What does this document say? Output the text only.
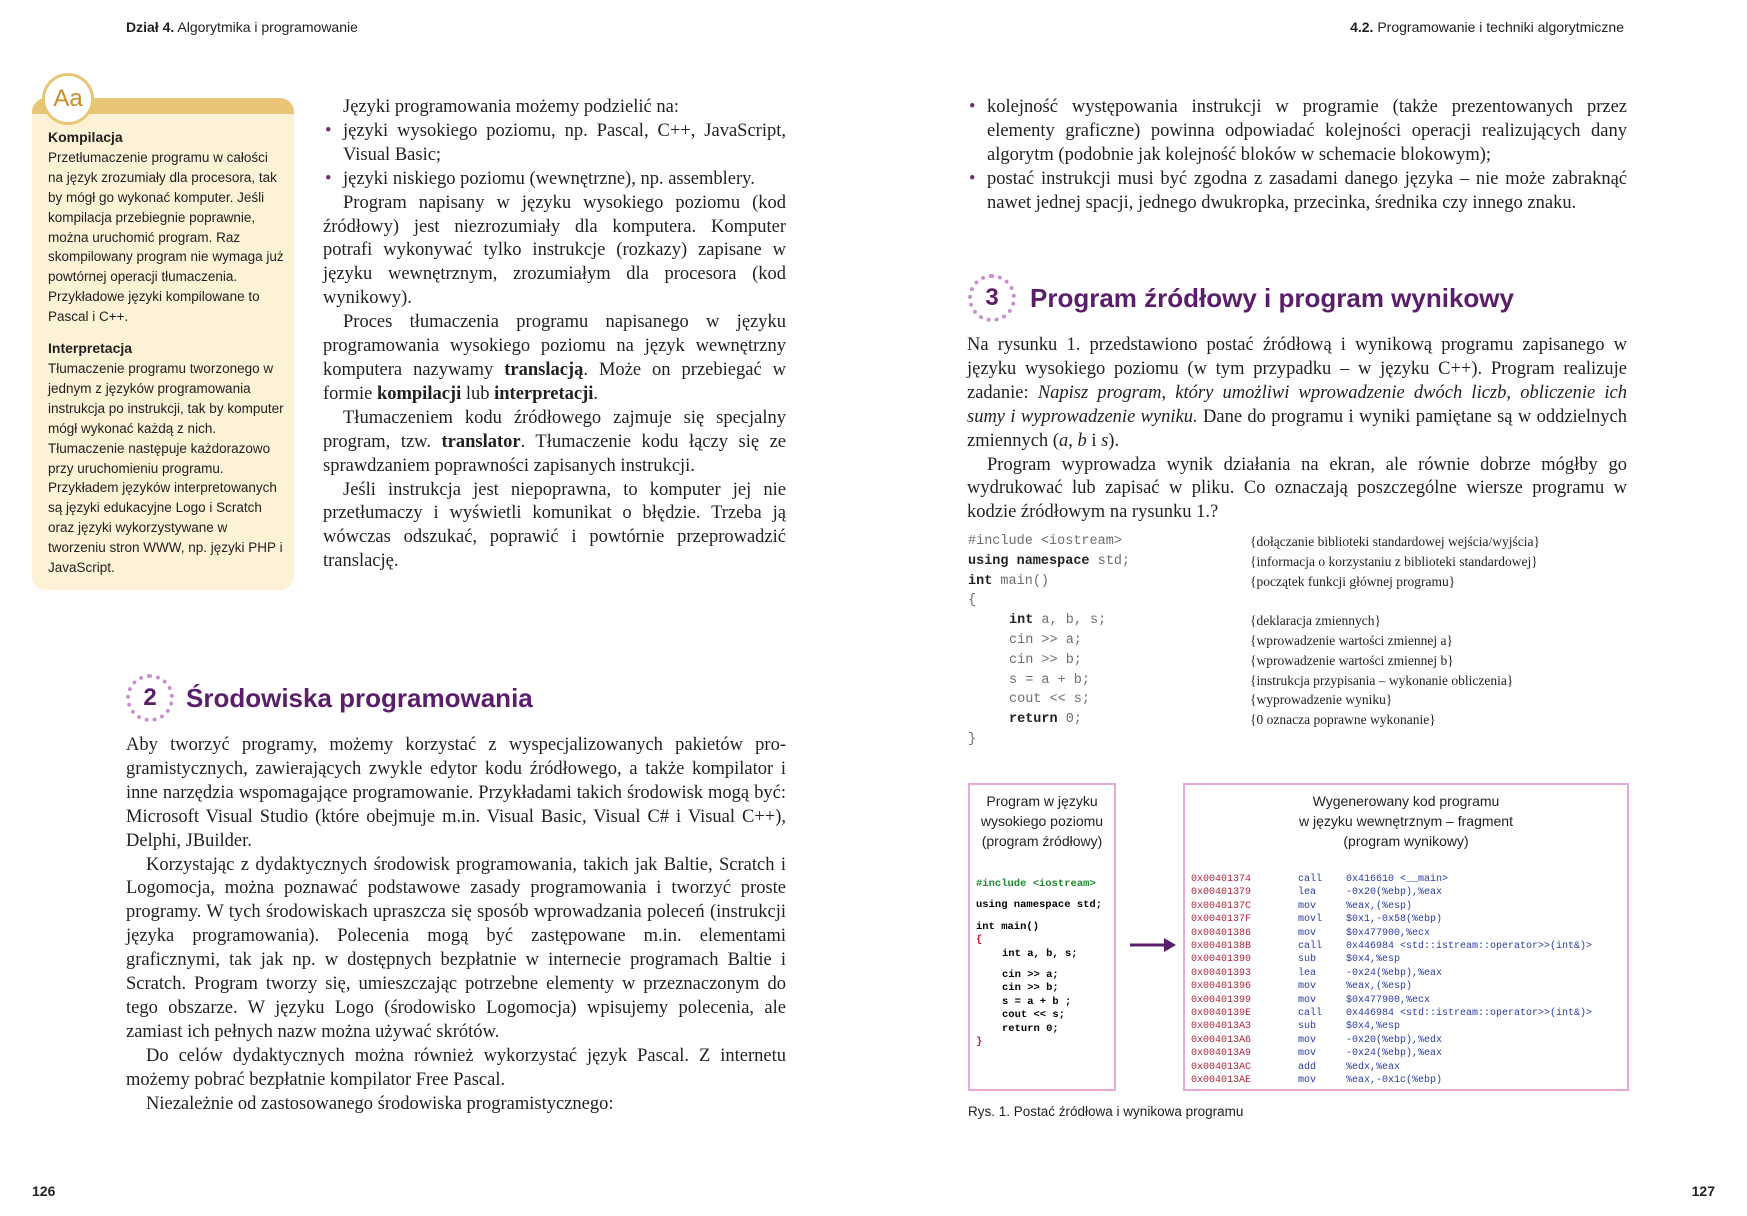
Dział 4. Algorytmika i programowanie	4.2. Programowanie i techniki algorytmiczne
Aa
Kompilacja
Przetłumaczenie programu w całości na język zrozumiały dla procesora, tak by mógł go wykonać komputer. Jeśli kompilacja przebiegnie poprawnie, można uruchomić program. Raz skompilowany program nie wymaga już powtórnej operacji tłumaczenia. Przykładowe języki kompilowane to Pascal i C++.
Interpretacja
Tłumaczenie programu tworzonego w jednym z języków programowania instrukcja po instrukcji, tak by komputer mógł wykonać każdą z nich. Tłumaczenie następuje każdorazowo przy uruchomieniu programu. Przykładem języków interpretowanych są języki edukacyjne Logo i Scratch oraz języki wykorzystywane w tworzeniu stron WWW, np. języki PHP i JavaScript.

Języki programowania możemy podzielić na:

• języki wysokiego poziomu, np. Pascal, C++, JavaScript, Visual Basic;
• języki niskiego poziomu (wewnętrzne), np. assemblery.

Program napisany w języku wysokiego poziomu (kod źródłowy) jest niezrozumiały dla komputera. Komputer potrafi wykonywać tylko instrukcje (rozkazy) zapisane w języku wewnętrznym, zrozumiałym dla procesora (kod wynikowy).

Proces tłumaczenia programu napisanego w języku programowania wysokiego poziomu na język wewnętrzny komputera nazywamy translacją. Może on przebiegać w formie kompilacji lub interpretacji.

Tłumaczeniem kodu źródłowego zajmuje się specjalny program, tzw. translator. Tłumaczenie kodu łączy się ze sprawdzaniem poprawności zapisanych instrukcji.

Jeśli instrukcja jest niepoprawna, to komputer jej nie przetłumaczy i wyświetli komunikat o błędzie. Trzeba ją wówczas odszukać, poprawić i powtórnie przeprowadzić translację.

2	Środowiska programowania

Aby tworzyć programy, możemy korzystać z wyspecjalizowanych pakietów programistycznych, zawierających zwykle edytor kodu źródłowego, a także kompilator i inne narzędzia wspomagające programowanie. Przykładami takich środowisk mogą być: Microsoft Visual Studio (które obejmuje m.in. Visual Basic, Visual C# i Visual C++), Delphi, JBuilder.

Korzystając z dydaktycznych środowisk programowania, takich jak Baltie, Scratch i Logomocja, można poznawać podstawowe zasady programowania i tworzyć proste programy. W tych środowiskach upraszcza się sposób wprowadzania poleceń (instrukcji języka programowania). Polecenia mogą być zastępowane m.in. elementami graficznymi, tak jak np. w dostępnych bezpłatnie w internecie programach Baltie i Scratch. Program tworzy się, umieszczając potrzebne elementy w przeznaczonym do tego obszarze. W języku Logo (środowisko Logomocja) wpisujemy polecenia, ale zamiast ich pełnych nazw można używać skrótów.

Do celów dydaktycznych można również wykorzystać język Pascal. Z internetu możemy pobrać bezpłatnie kompilator Free Pascal.

Niezależnie od zastosowanego środowiska programistycznego:

• kolejność występowania instrukcji w programie (także prezentowanych przez elementy graficzne) powinna odpowiadać kolejności operacji realizujących dany algorytm (podobnie jak kolejność bloków w schemacie blokowym);
• postać instrukcji musi być zgodna z zasadami danego języka – nie może zabraknąć nawet jednej spacji, jednego dwukropka, przecinka, średnika czy innego znaku.
3	Program źródłowy i program wynikowy

Na rysunku 1. przedstawiono postać źródłową i wynikową programu zapisanego w języku wysokiego poziomu (w tym przypadku – w języku C++). Program realizuje zadanie: Napisz program, który umożliwi wprowadzenie dwóch liczb, obliczenie ich sumy i wyprowadzenie wyniku. Dane do programu i wyniki pamiętane są w oddzielnych zmiennych (a, b i s).

Program wyprowadza wynik działania na ekran, ale równie dobrze mógłby go wydrukować lub zapisać w pliku. Co oznaczają poszczególne wiersze programu w kodzie źródłowym na rysunku 1.?

#include <iostream>	{dołączanie biblioteki standardowej wejścia/wyjścia}
using namespace std;	{informacja o korzystaniu z biblioteki standardowej}
int main()	{początek funkcji głównej programu}
{
int a, b, s;	{deklaracja zmiennych}
cin >> a;	{wprowadzenie wartości zmiennej a}
cin >> b;	{wprowadzenie wartości zmiennej b}
s = a + b;	{instrukcja przypisania – wykonanie obliczenia}
cout << s;	{wyprowadzenie wyniku}
return 0;	{0 oznacza poprawne wykonanie}
}
Program w języku
wysokiego poziomu
(program źródłowy)
#include <iostream>
using namespace std;
int main()
{
int a, b, s;
cin >> a;
cin >> b;
s = a + b ;
cout << s;
return 0;
}
Wygenerowany kod programu
w języku wewnętrznym – fragment
(program wynikowy)
0x00401374	call 0x416610 <__main>
0x00401379	lea	-0x20(%ebp),%eax
0x0040137C	mov	%eax,(%esp)
0x0040137F	movl $0x1,-0x58(%ebp)
0x00401386	mov	$0x477900,%ecx
0x0040138B	call 0x446984 <std::istream::operator>>(int&)>
0x00401390	sub	$0x4,%esp
0x00401393	lea	-0x24(%ebp),%eax
0x00401396	mov	%eax,(%esp)
0x00401399	mov	$0x477900,%ecx
0x0040139E	call 0x446984 <std::istream::operator>>(int&)>
0x004013A3	sub	$0x4,%esp
0x004013A6	mov	-0x20(%ebp),%edx
0x004013A9	mov	-0x24(%ebp),%eax
0x004013AC	add	%edx,%eax
0x004013AE	mov	%eax,-0x1c(%ebp)
Rys. 1. Postać źródłowa i wynikowa programu
126	127
